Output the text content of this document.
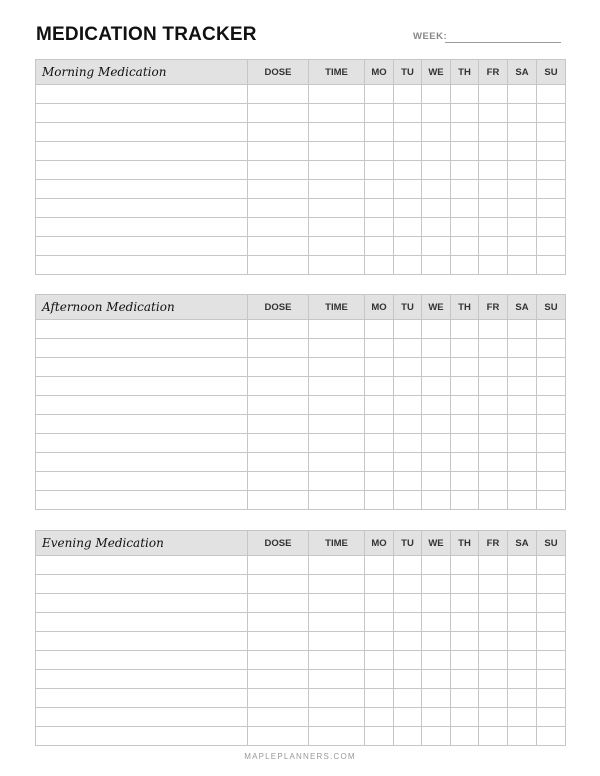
MEDICATION TRACKER	WEEK:
Morning Medication	DOSE	TIME	MO	TU	WE	TH	FR	SA	SU

Afternoon Medication	DOSE	TIME	MO	TU	WE	TH	FR	SA	SU

Evening Medication	DOSE	TIME	MO	TU	WE	TH	FR	SA	SU

MAPLEPLANNERS.COM
